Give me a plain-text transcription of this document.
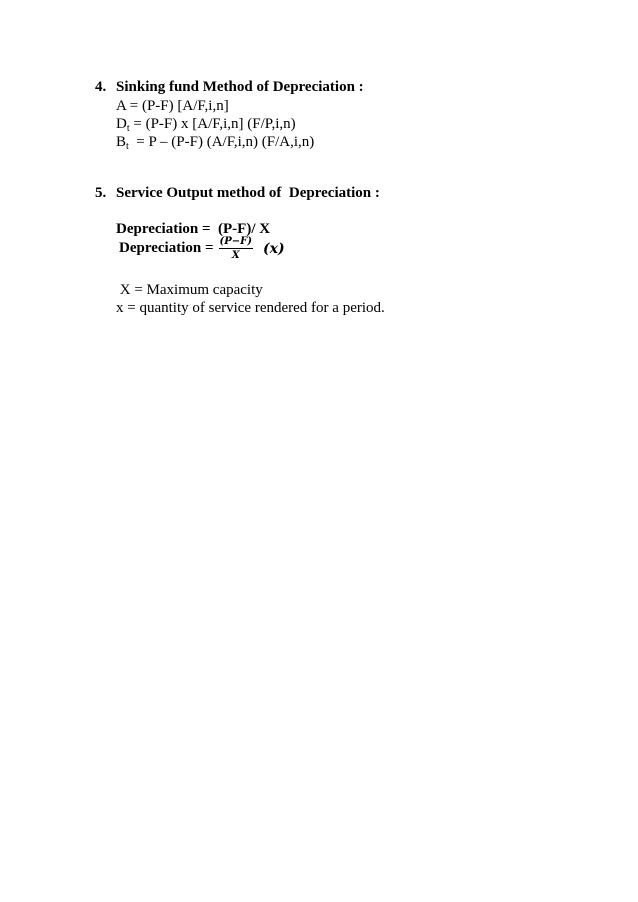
4. Sinking fund Method of Depreciation :
A = (P-F) [A/F,i,n]
$D_t = (P-F)$ x [A/F,i,n] (F/P,i,n)
$B_t = P - (P-F)$ (A/F,i,n) (F/A,i,n)
5. Service Output method of  Depreciation :
Depreciation =  (P-F)/ X
Depreciation = $\frac{(P-F)}{X} (x)$
X = Maximum capacity
x = quantity of service rendered for a period.
